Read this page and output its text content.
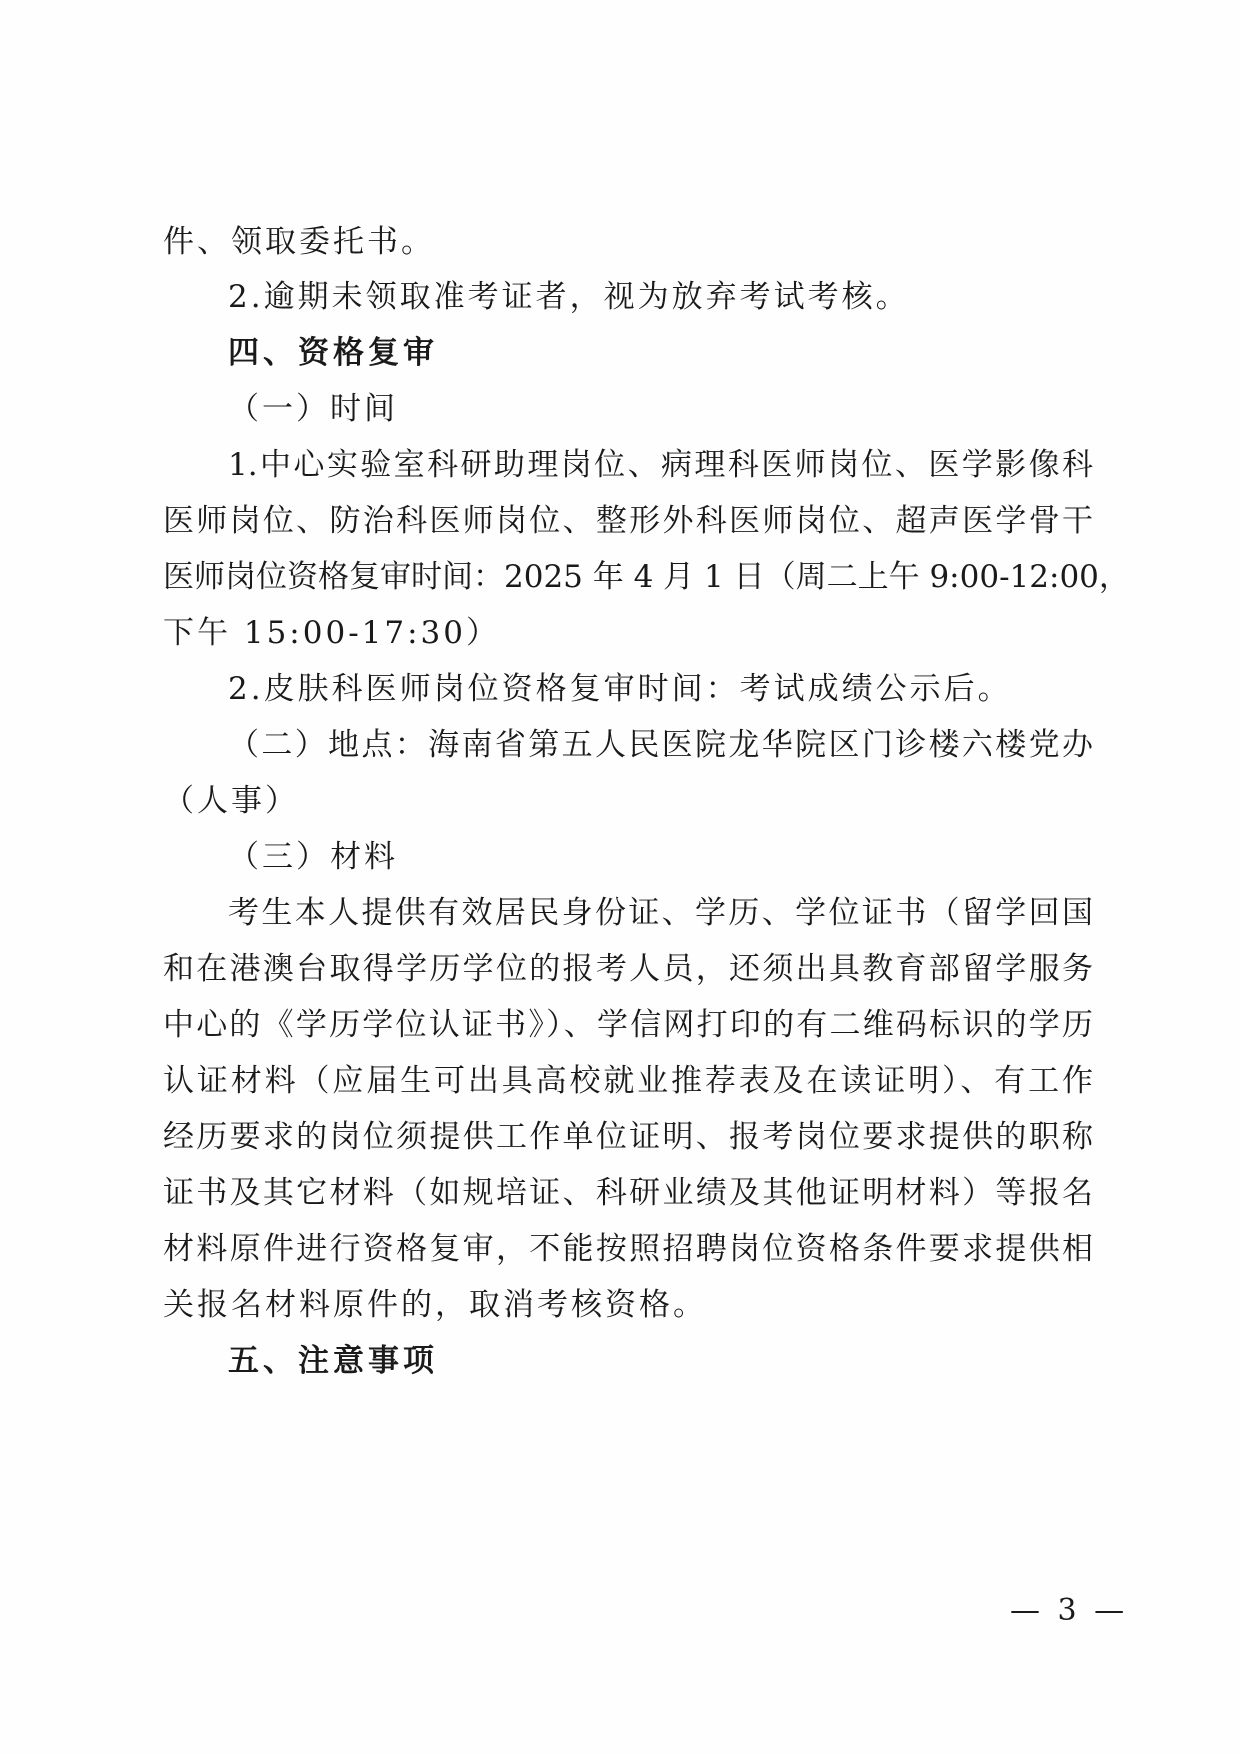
件、领取委托书。
2.逾期未领取准考证者，视为放弃考试考核。
四、资格复审
（一）时间
1.中心实验室科研助理岗位、病理科医师岗位、医学影像科
医师岗位、防治科医师岗位、整形外科医师岗位、超声医学骨干
医师岗位资格复审时间：2025 年 4 月 1 日（周二上午 9:00-12:00，
下午 15:00-17:30）
2.皮肤科医师岗位资格复审时间：考试成绩公示后。
（二）地点：海南省第五人民医院龙华院区门诊楼六楼党办
（人事）
（三）材料
考生本人提供有效居民身份证、学历、学位证书（留学回国
和在港澳台取得学历学位的报考人员，还须出具教育部留学服务
中心的《学历学位认证书》）、学信网打印的有二维码标识的学历
认证材料（应届生可出具高校就业推荐表及在读证明）、有工作
经历要求的岗位须提供工作单位证明、报考岗位要求提供的职称
证书及其它材料（如规培证、科研业绩及其他证明材料）等报名
材料原件进行资格复审，不能按照招聘岗位资格条件要求提供相
关报名材料原件的，取消考核资格。
五、注意事项
— 3 —
